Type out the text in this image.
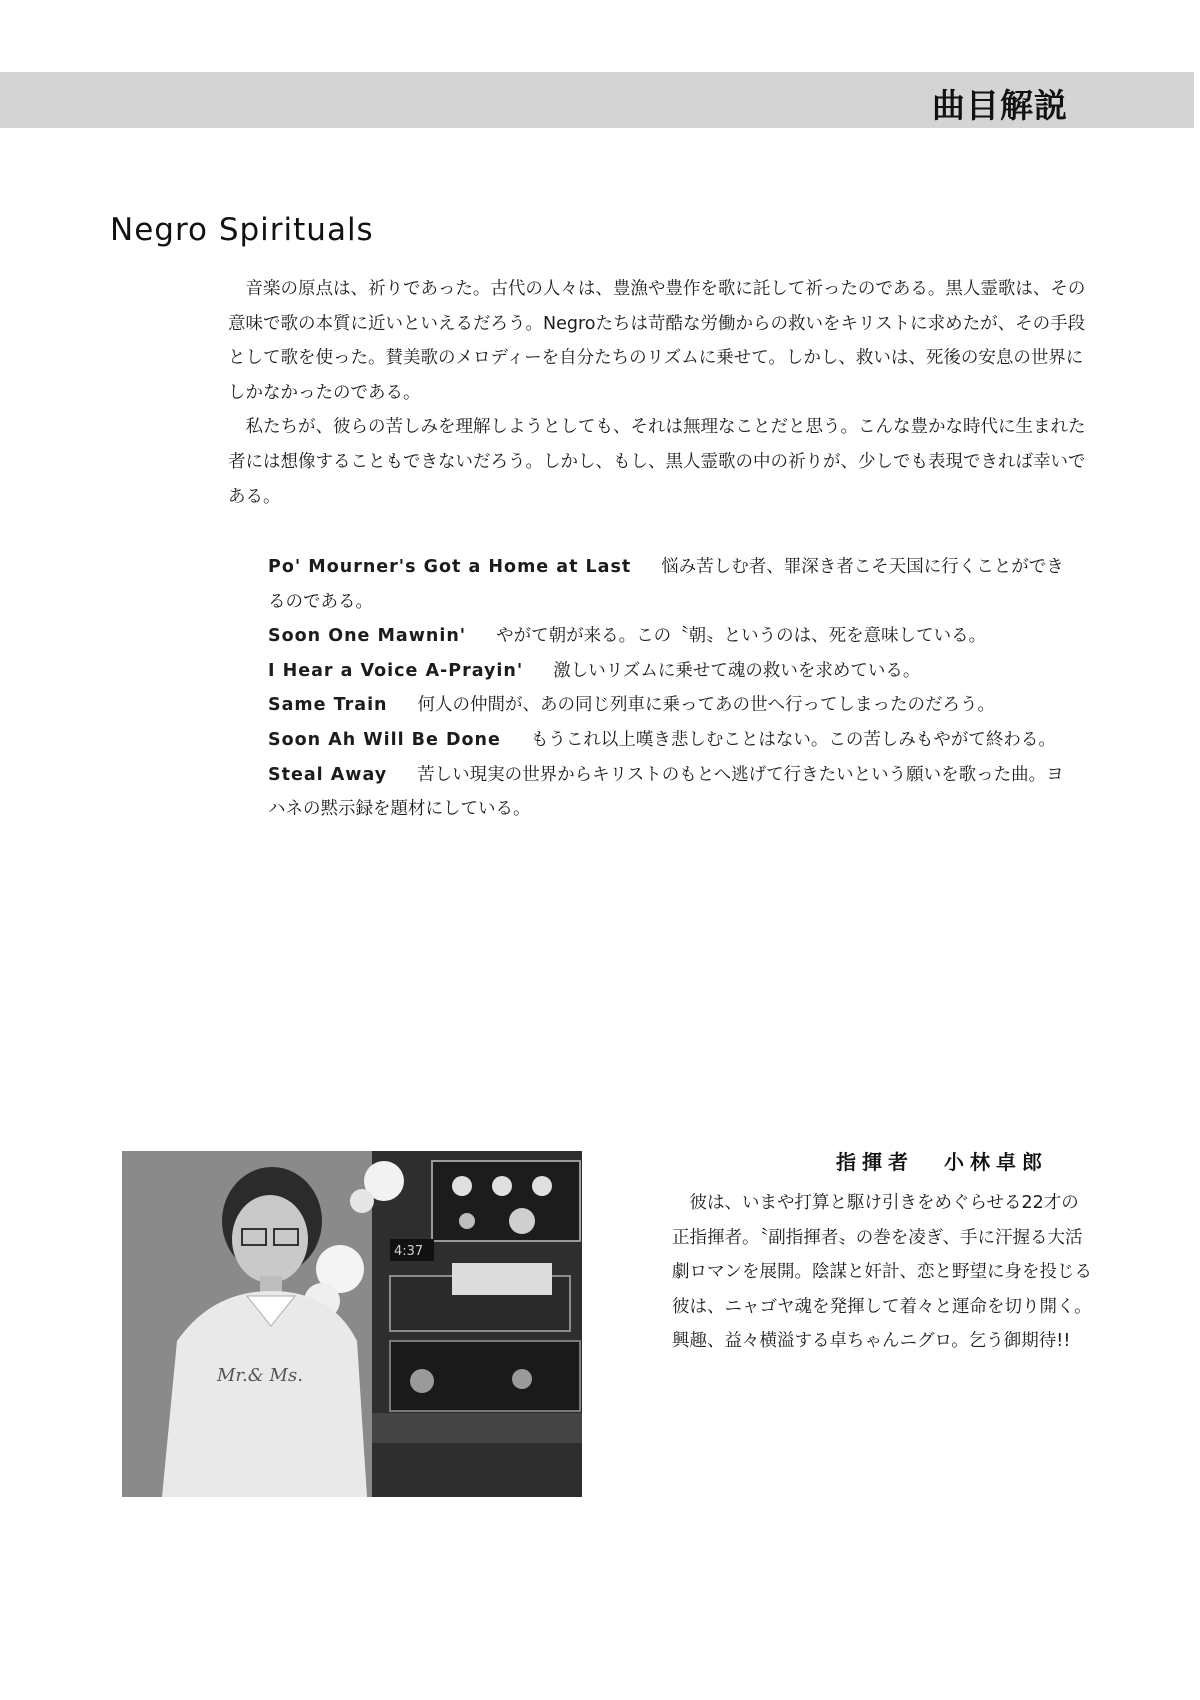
曲目解説
Negro Spirituals

音楽の原点は、祈りであった。古代の人々は、豊漁や豊作を歌に託して祈ったのである。黒人霊歌は、その意味で歌の本質に近いといえるだろう。Negroたちは苛酷な労働からの救いをキリストに求めたが、その手段として歌を使った。賛美歌のメロディーを自分たちのリズムに乗せて。しかし、救いは、死後の安息の世界にしかなかったのである。

私たちが、彼らの苦しみを理解しようとしても、それは無理なことだと思う。こんな豊かな時代に生まれた者には想像することもできないだろう。しかし、もし、黒人霊歌の中の祈りが、少しでも表現できれば幸いである。

Po' Mourner's Got a Home at Last 悩み苦しむ者、罪深き者こそ天国に行くことができるのである。

Soon One Mawnin' やがて朝が来る。この〝朝〟というのは、死を意味している。

I Hear a Voice A-Prayin' 激しいリズムに乗せて魂の救いを求めている。

Same Train 何人の仲間が、あの同じ列車に乗ってあの世へ行ってしまったのだろう。

Soon Ah Will Be Done もうこれ以上嘆き悲しむことはない。この苦しみもやがて終わる。

Steal Away 苦しい現実の世界からキリストのもとへ逃げて行きたいという願いを歌った曲。ヨハネの黙示録を題材にしている。

4:37
Mr.& Ms.
指揮者 小林卓郎

彼は、いまや打算と駆け引きをめぐらせる22才の正指揮者。〝副指揮者〟の巻を凌ぎ、手に汗握る大活劇ロマンを展開。陰謀と奸計、恋と野望に身を投じる彼は、ニャゴヤ魂を発揮して着々と運命を切り開く。興趣、益々横溢する卓ちゃんニグロ。乞う御期待!!
